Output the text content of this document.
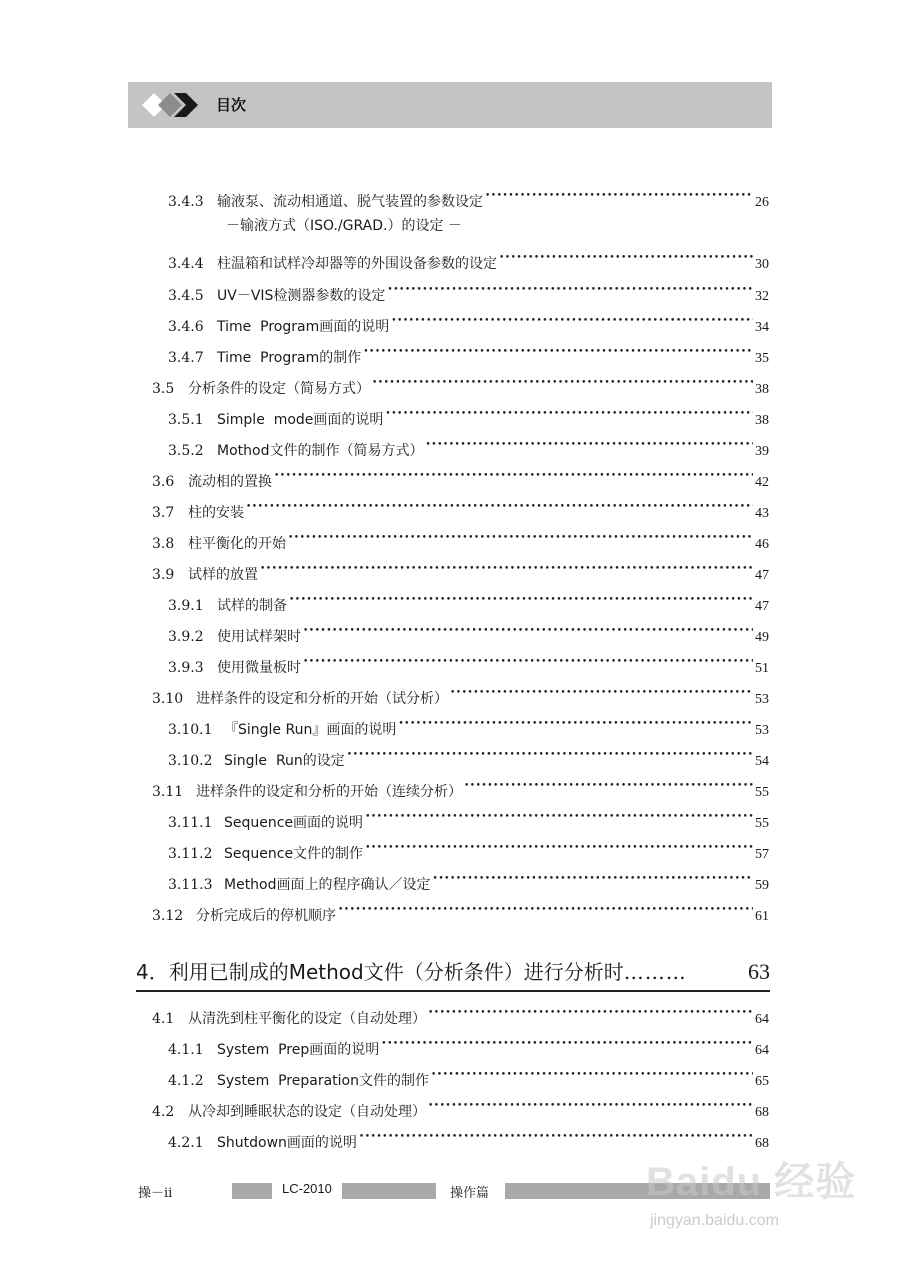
目次
3.4.3 输液泵、流动相通道、脱气装置的参数设定 •••••	26
3.4.4 柱温箱和试样冷却器等的外围设备参数的设定 •••••	30
3.4.5 UV－VIS检测器参数的设定 •••••	32
3.4.6 Time  Program画面的说明 •••••	34
3.4.7 Time  Program的制作 •••••	35
3.5 分析条件的设定（简易方式） •••••	38
3.5.1 Simple  mode画面的说明 •••••	38
3.5.2 Mothod文件的制作（简易方式） •••••	39
3.6 流动相的置换 •••••	42
3.7 柱的安装 •••••	43
3.8 柱平衡化的开始 •••••	46
3.9 试样的放置 •••••	47
3.9.1 试样的制备 •••••	47
3.9.2 使用试样架时 •••••	49
3.9.3 使用微量板时 •••••	51
3.10 进样条件的设定和分析的开始（试分析） •••••	53
3.10.1 『Single Run』画面的说明 •••••	53
3.10.2 Single  Run的设定 •••••	54
3.11 进样条件的设定和分析的开始（连续分析） •••••	55
3.11.1 Sequence画面的说明 •••••	55
3.11.2 Sequence文件的制作 •••••	57
3.11.3 Method画面上的程序确认／设定 •••••	59
3.12 分析完成后的停机顺序 •••••	61
－输液方式（ISO./GRAD.）的设定 －
4．利用已制成的Method文件（分析条件）进行分析时 ………	63
4.1 从清洗到柱平衡化的设定（自动处理） •••••	64
4.1.1 System  Prep画面的说明 •••••	64
4.1.2 System  Preparation文件的制作 •••••	65
4.2 从冷却到睡眠状态的设定（自动处理） •••••	68
4.2.1 Shutdown画面的说明 •••••	68
操－ii	LC-2010	操作篇	Baidu 经验
jingyan.baidu.com
